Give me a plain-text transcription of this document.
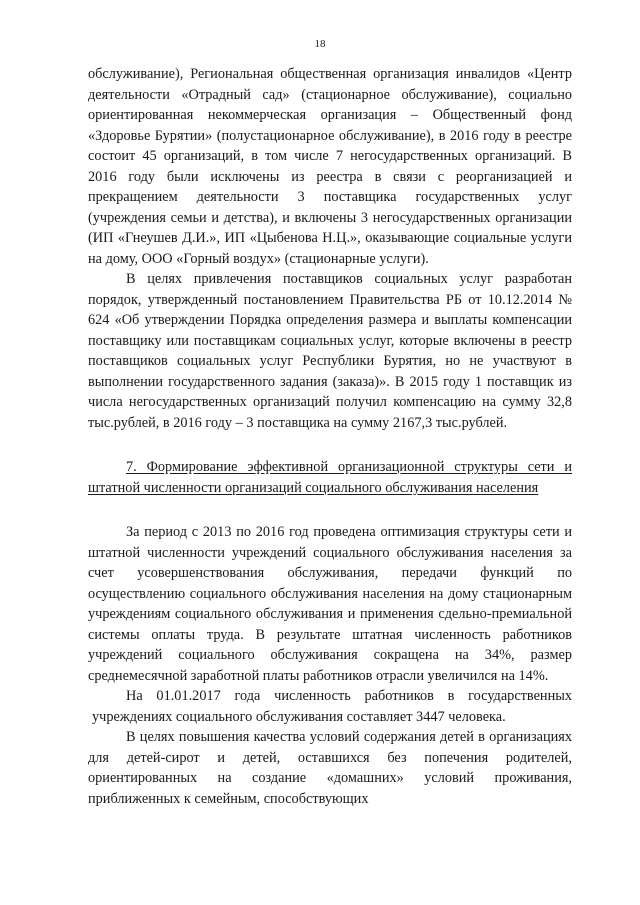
18

обслуживание), Региональная общественная организация инвалидов «Центр деятельности «Отрадный сад» (стационарное обслуживание), социально ориентированная некоммерческая организация – Общественный фонд «Здоровье Бурятии» (полустационарное обслуживание), в 2016 году в реестре состоит 45 организаций, в том числе 7 негосударственных организаций. В 2016 году были исключены из реестра в связи с реорганизацией и прекращением деятельности 3 поставщика государственных услуг (учреждения семьи и детства), и включены 3 негосударственных организации (ИП «Гнеушев Д.И.», ИП «Цыбенова Н.Ц.», оказывающие социальные услуги на дому, ООО «Горный воздух» (стационарные услуги).

В целях привлечения поставщиков социальных услуг разработан порядок, утвержденный постановлением Правительства РБ от 10.12.2014 № 624 «Об утверждении Порядка определения размера и выплаты компенсации поставщику или поставщикам социальных услуг, которые включены в реестр поставщиков социальных услуг Республики Бурятия, но не участвуют в выполнении государственного задания (заказа)». В 2015 году 1 поставщик из числа негосударственных организаций получил компенсацию на сумму 32,8 тыс.рублей, в 2016 году – 3 поставщика на сумму 2167,3 тыс.рублей.

7. Формирование эффективной организационной структуры сети и штатной численности организаций социального обслуживания населения

За период с 2013 по 2016 год проведена оптимизация структуры сети и штатной численности учреждений социального обслуживания населения за счет усовершенствования обслуживания, передачи функций по осуществлению социального обслуживания населения на дому стационарным учреждениям социального обслуживания и применения сдельно-премиальной системы оплаты труда. В результате штатная численность работников учреждений социального обслуживания сокращена на 34%, размер среднемесячной заработной платы работников отрасли увеличился на 14%.

На 01.01.2017 года численность работников в государственных учреждениях социального обслуживания составляет 3447 человека.

В целях повышения качества условий содержания детей в организациях для детей-сирот и детей, оставшихся без попечения родителей, ориентированных на создание «домашних» условий проживания, приближенных к семейным, способствующих
